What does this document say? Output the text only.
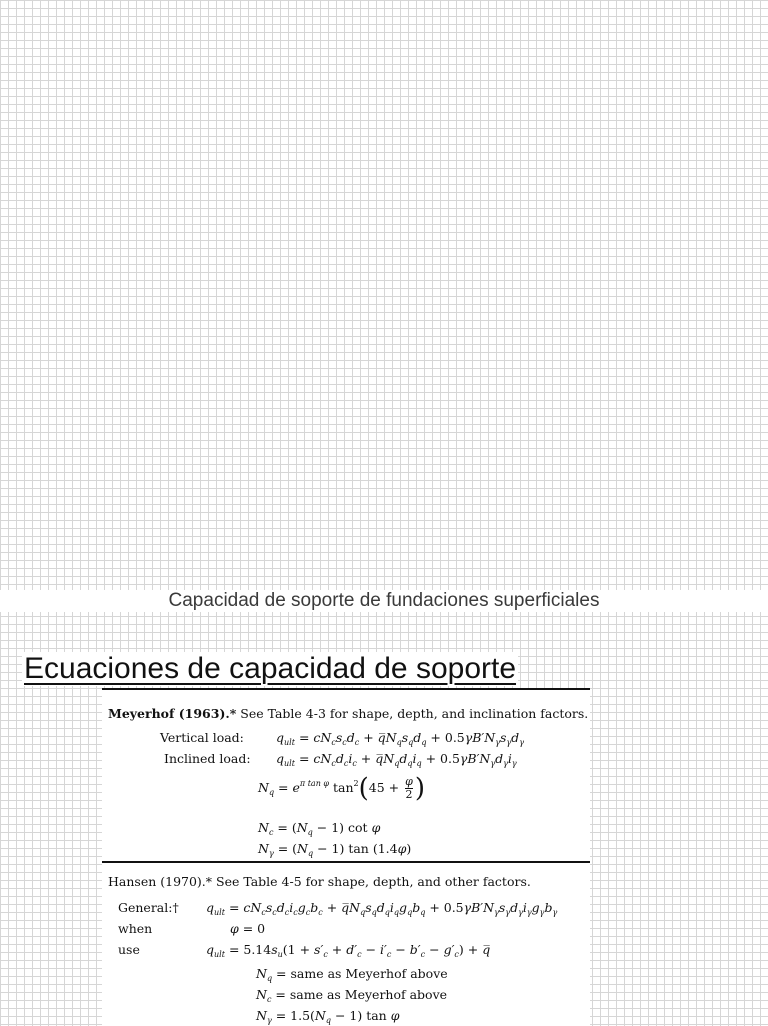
Capacidad de soporte de fundaciones superficiales
Ecuaciones de capacidad de soporte
Meyerhof (1963).* See Table 4-3 for shape, depth, and inclination factors.
Vertical load:	$q_{ult} = cN_cs_cd_c$ + $q̅N_qs_qd_q + 0.5\gamma B'N_\gamma s_\gamma d_\gamma$
Inclined load: $q_{ult} = cN_cd_ci_c$ + $q̅N_qd_qi_q + 0.5\gamma B'N_\gamma d_\gamma i_\gamma$
$N_q = e^{\pi tan \varphi}$ $\tan^2(45 + \frac{\varphi}{2}$ )
$N_c = (N_q - 1)$ cot φ
$N_\gamma = (N_q - 1)$ tan (1.4φ)
Hansen (1970).* See Table 4-5 for shape, depth, and other factors.
General:† $q_{ult} = cN_cs_cd_ci_cg_cb_c$ + $q̅N_qs_qd_qi_qg_qb_q + 0.5\gamma B'N_\gamma s_\gamma d_\gamma i_\gamma g_\gamma b_\gamma$
when	φ = 0
use	$q_{ult} = 5.14s_u(1 + s'_c + d'_c - i'_c - b'_c - g'_c)$ + q̅
$N_q$ = same as Meyerhof above
$N_c$ = same as Meyerhof above
$N_\gamma = 1.5(N_q - 1)$ tan φ
